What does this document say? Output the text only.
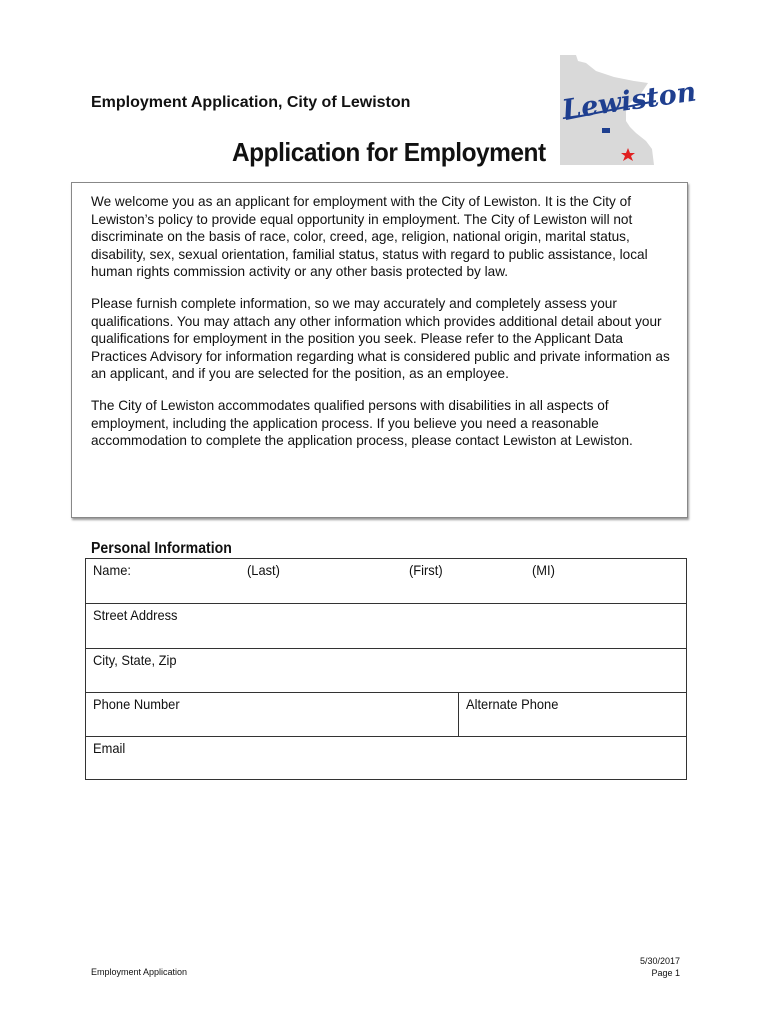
Employment Application, City of Lewiston
Application for Employment
Lewiston

We welcome you as an applicant for employment with the City of Lewiston. It is the City of Lewiston’s policy to provide equal opportunity in employment. The City of Lewiston will not discriminate on the basis of race, color, creed, age, religion, national origin, marital status, disability, sex, sexual orientation, familial status, status with regard to public assistance, local human rights commission activity or any other basis protected by law.

Please furnish complete information, so we may accurately and completely assess your qualifications. You may attach any other information which provides additional detail about your qualifications for employment in the position you seek. Please refer to the Applicant Data Practices Advisory for information regarding what is considered public and private information as an applicant, and if you are selected for the position, as an employee.

The City of Lewiston accommodates qualified persons with disabilities in all aspects of employment, including the application process. If you believe you need a reasonable accommodation to complete the application process, please contact Lewiston at Lewiston.

Personal Information
Name:	(Last)	(First)	(MI)
Street Address
City, State, Zip
Phone Number	Alternate Phone
Email
Employment Application
5/30/2017
Page 1
